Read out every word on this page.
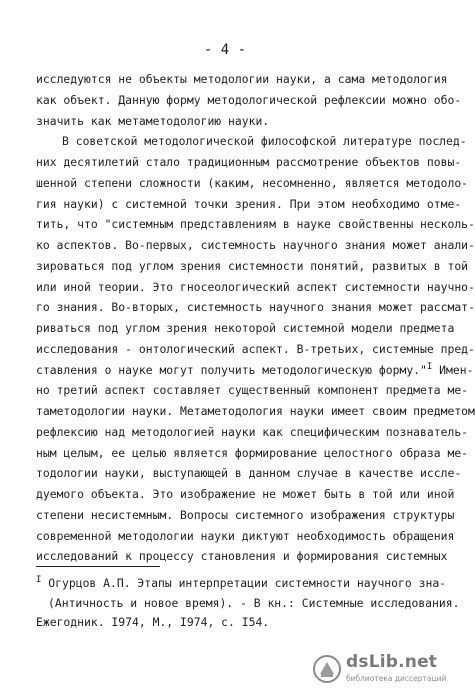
- 4 -
исследуются не объекты методологии науки, а сама методология
как объект. Данную форму методологической рефлексии можно обо-
значить как метаметодологию науки.
В советской методологической философской литературе послед-
них десятилетий стало традиционным рассмотрение объектов повы-
шенной степени сложности (каким, несомненно, является методоло-
гия науки) с системной точки зрения. При этом необходимо отме-
тить, что "системным представлениям в науке свойственны несколь-
ко аспектов. Во-первых, системность научного знания может анали-
зироваться под углом зрения системности понятий, развитых в той
или иной теории. Это гносеологический аспект системности научно-
го знания. Во-вторых, системность научного знания может рассмат-
риваться под углом зрения некоторой системной модели предмета
исследования - онтологический аспект. В-третьих, системные пред-
ставления о науке могут получить методологическую форму."$^I$ Имен-
но третий аспект составляет существенный компонент предмета ме-
таметодологии науки. Метаметодология науки имеет своим предметом
рефлексию над методологией науки как специфическим познаватель-
ным целым, ее целью является формирование целостного образа ме-
тодологии науки, выступающей в данном случае в качестве иссле-
дуемого объекта. Это изображение не может быть в той или иной
степени несистемным. Вопросы системного изображения структуры
современной методологии науки диктуют необходимость обращения
исследований к процессу становления и формирования системных
$^I$ Огурцов А.П. Этапы интерпретации системности научного зна-
(Античность и новое время). - В кн.: Системные исследования.
Ежегодник. I974, М., I974, с. I54.
dsLib.net
библиотека диссертаций
